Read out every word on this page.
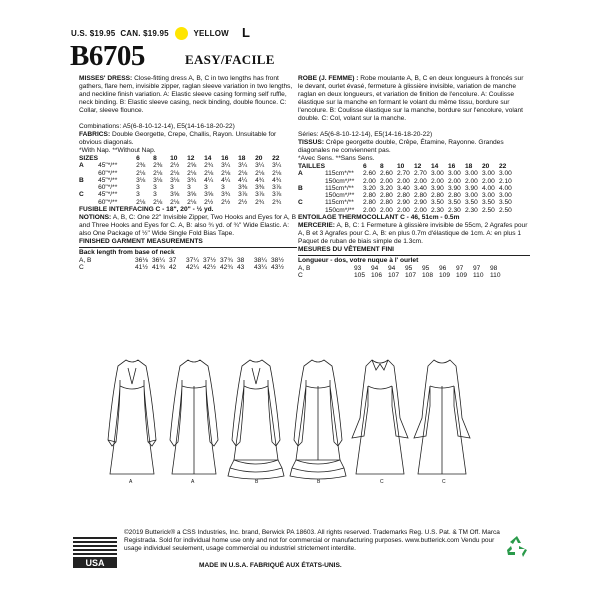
U.S. $19.95 CAN. $19.95	YELLOW L
B6705	EASY/FACILE

MISSES' DRESS: Close-fitting dress A, B, C in two lengths has front gathers, flare hem, invisible zipper, raglan sleeve variation in two lengths, and neckline finish variation. A: Elastic sleeve casing forming self ruffle, neck binding. B: Elastic sleeve casing, neck binding, double flounce. C: Collar, sleeve flounce.

Combinations: A5(6-8-10-12-14), E5(14-16-18-20-22)

FABRICS: Double Georgette, Crepe, Challis, Rayon. Unsuitable for obvious diagonals.

*With Nap. **Without Nap.

SIZES		6	8	10	12	14	16	18	20	22
A	45"*/**	2⅜	2⅜	2½	2⅝	2¾	3¼	3¼	3¼	3¼
	60"*/**	2⅛	2⅛	2⅛	2⅛	2⅛	2⅛	2⅛	2⅛	2⅛
B	45"*/**	3⅛	3⅛	3⅛	3¾	4¼	4¼	4¼	4¾	4¾
	60"*/**	3	3	3	3	3	3	3⅜	3⅜	3⅞
C	45"*/**	3	3	3⅝	3⅝	3⅝	3¾	3⅞	3⅞	3⅞
	60"*/**	2⅛	2⅛	2⅛	2⅛	2½	2½	2½	2¾	2¾

FUSIBLE INTERFACING C - 18", 20" - ½ yd.

NOTIONS: A, B, C: One 22" Invisible Zipper, Two Hooks and Eyes for A, B and Three Hooks and Eyes for C. A, B: also ¾ yd. of ¾" Wide Elastic. A: also One Package of ½" Wide Single Fold Bias Tape.

FINISHED GARMENT MEASUREMENTS

Back length from base of neck

A, B	36⅛	36¼	37	37¼	37½	37¾	38	38¼	38½
C	41½	41¾	42	42¼	42½	42¾	43	43¼	43½

ROBE (J. FEMME) : Robe moulante A, B, C en deux longueurs à froncés sur le devant, ourlet évasé, fermeture à glissière invisible, variation de manche raglan en deux longueurs, et variation de finition de l'encolure. A: Coulisse élastique sur la manche en formant le volant du même tissu, bordure sur l'encolure. B: Coulisse élastique sur la manche, bordure sur l'encolure, volant double. C: Col, volant sur la manche.

Séries: A5(6-8-10-12-14), E5(14-16-18-20-22)

TISSUS: Crêpe georgette double, Crêpe, Étamine, Rayonne. Grandes diagonales ne conviennent pas.

*Avec Sens. **Sans Sens.

TAILLES		6	8	10	12	14	16	18	20	22
A	115cm*/**	2.60	2.60	2.70	2.70	3.00	3.00	3.00	3.00	3.00
	150cm*/**	2.00	2.00	2.00	2.00	2.00	2.00	2.00	2.00	2.10
B	115cm*/**	3.20	3.20	3.40	3.40	3.90	3.90	3.90	4.00	4.00
	150cm*/**	2.80	2.80	2.80	2.80	2.80	2.80	3.00	3.00	3.00
C	115cm*/**	2.80	2.80	2.90	2.90	3.50	3.50	3.50	3.50	3.50
	150cm*/**	2.00	2.00	2.00	2.00	2.30	2.30	2.30	2.50	2.50

ENTOILAGE THERMOCOLLANT C - 46, 51cm - 0.5m

MERCERIE: A, B, C: 1 Fermeture à glissière invisible de 55cm, 2 Agrafes pour A, B et 3 Agrafes pour C. A, B: en plus 0.7m d'élastique de 1cm. A: en plus 1 Paquet de ruban de biais simple de 1.3cm.

MESURES DU VÊTEMENT FINI

Longueur - dos, votre nuque à l' ourlet

A, B	93	94	94	95	95	96	97	97	98
C	105	106	107	107	108	109	109	110	110
A	A	B	B	C	C
USA
©2019 Butterick® a CSS Industries, Inc. brand, Berwick PA 18603. All rights reserved. Trademarks Reg. U.S. Pat. & TM Off. Marca Registrada. Sold for individual home use only and not for commercial or manufacturing purposes. www.butterick.com Vendu pour usage individuel seulement, usage commercial ou industriel strictement interdite.
MADE IN U.S.A. FABRIQUÉ AUX ÉTATS-UNIS.
